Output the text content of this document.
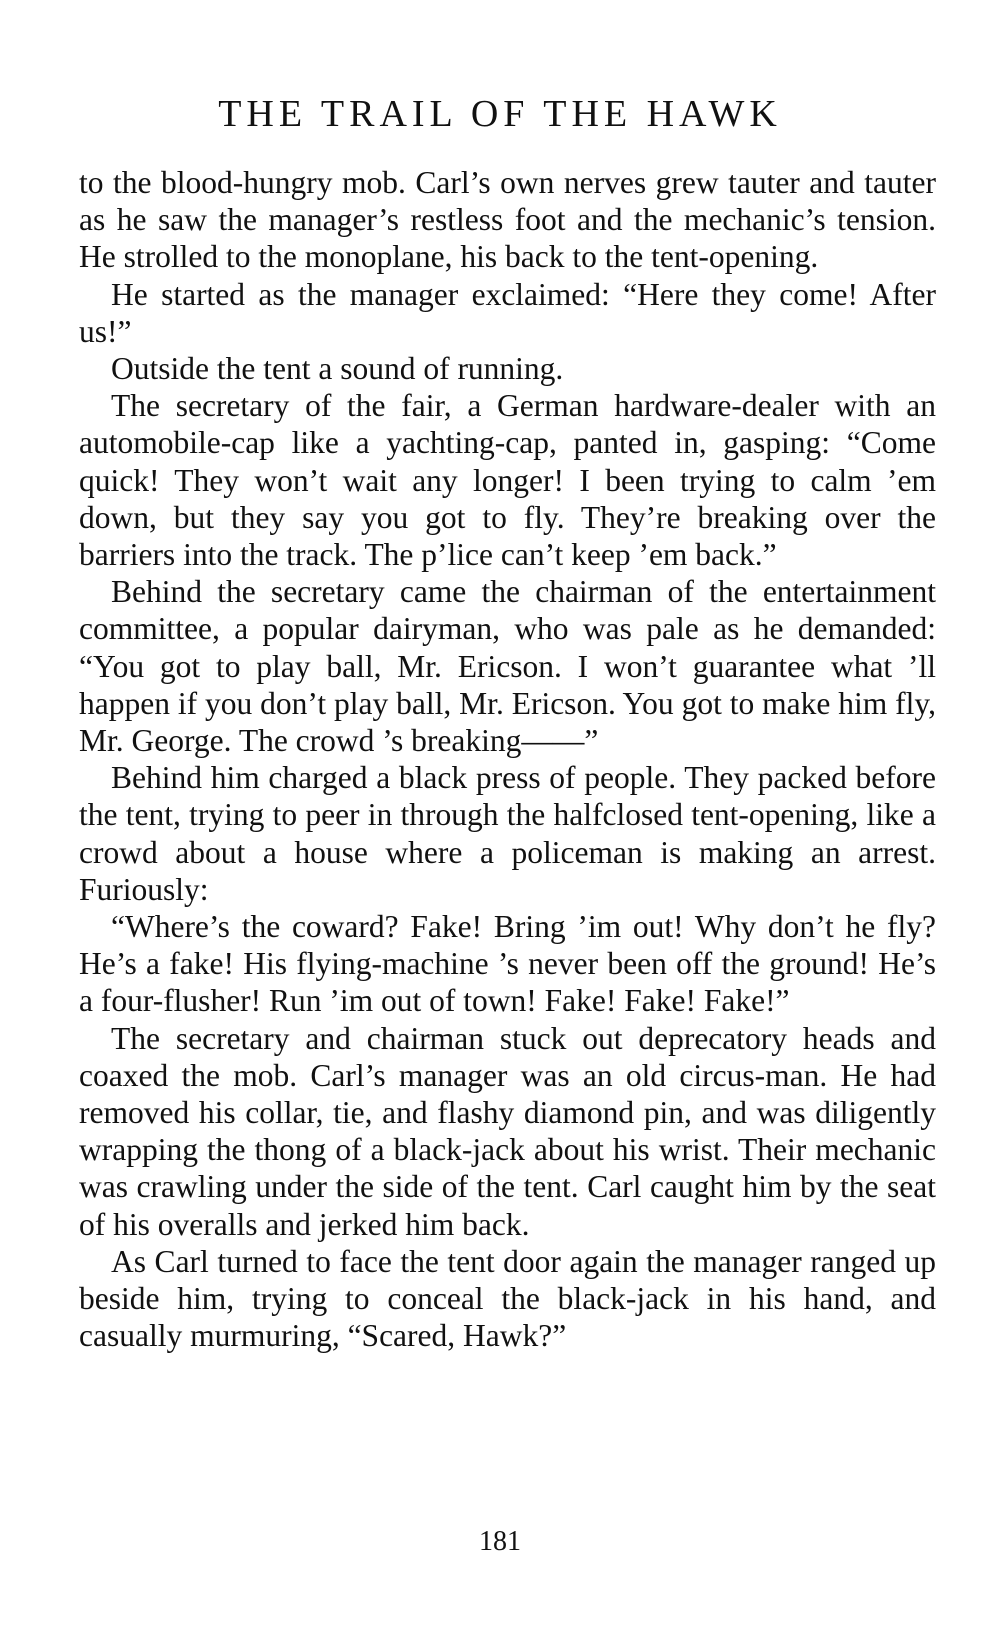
THE TRAIL OF THE HAWK

to the blood-hungry mob. Carl’s own nerves grew tauter and tauter as he saw the manager’s restless foot and the mechanic’s tension. He strolled to the monoplane, his back to the tent-opening.

He started as the manager exclaimed: “Here they come! After us!”

Outside the tent a sound of running.

The secretary of the fair, a German hardware-dealer with an automobile-cap like a yachting-cap, panted in, gasping: “Come quick! They won’t wait any longer! I been trying to calm ’em down, but they say you got to fly. They’re breaking over the barriers into the track. The p’lice can’t keep ’em back.”

Behind the secretary came the chairman of the entertainment committee, a popular dairyman, who was pale as he demanded: “You got to play ball, Mr. Ericson. I won’t guarantee what ’ll happen if you don’t play ball, Mr. Ericson. You got to make him fly, Mr. George. The crowd ’s breaking——”

Behind him charged a black press of people. They packed before the tent, trying to peer in through the halfclosed tent-opening, like a crowd about a house where a policeman is making an arrest. Furiously:

“Where’s the coward? Fake! Bring ’im out! Why don’t he fly? He’s a fake! His flying-machine ’s never been off the ground! He’s a four-flusher! Run ’im out of town! Fake! Fake! Fake!”

The secretary and chairman stuck out deprecatory heads and coaxed the mob. Carl’s manager was an old circus-man. He had removed his collar, tie, and flashy diamond pin, and was diligently wrapping the thong of a black-jack about his wrist. Their mechanic was crawling under the side of the tent. Carl caught him by the seat of his overalls and jerked him back.

As Carl turned to face the tent door again the manager ranged up beside him, trying to conceal the black-jack in his hand, and casually murmuring, “Scared, Hawk?”

181
